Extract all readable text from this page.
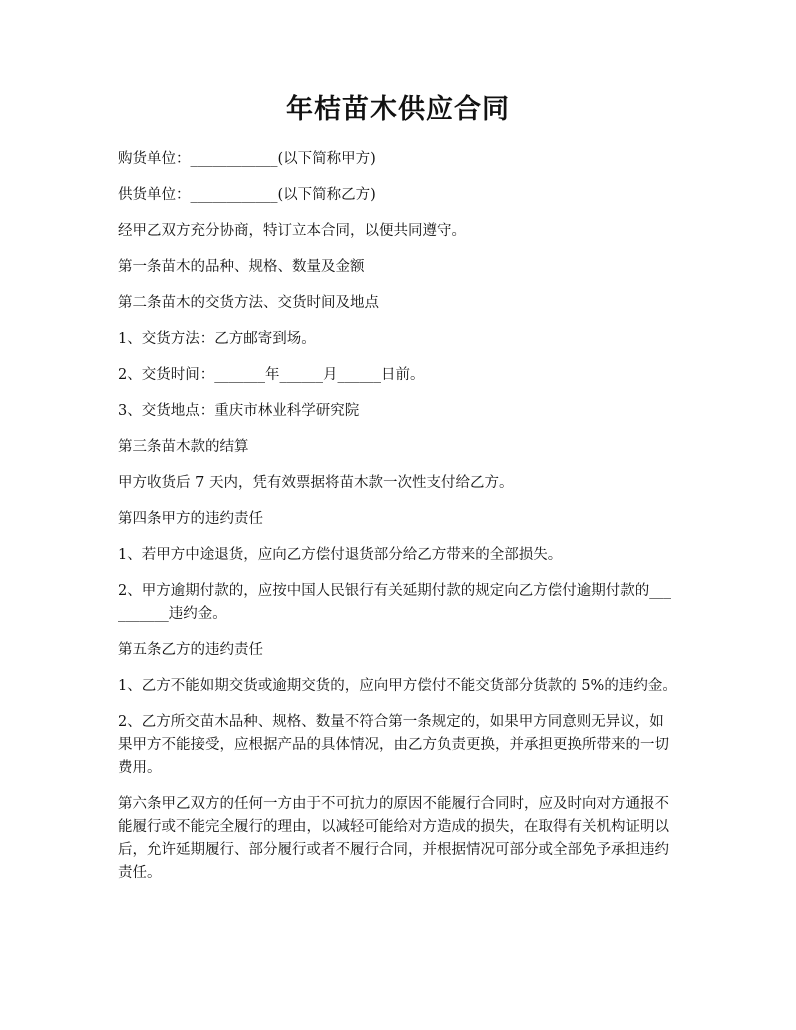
年桔苗木供应合同

购货单位：____________(以下简称甲方)

供货单位：____________(以下简称乙方)

经甲乙双方充分协商，特订立本合同，以便共同遵守。

第一条苗木的品种、规格、数量及金额

第二条苗木的交货方法、交货时间及地点

1、交货方法：乙方邮寄到场。

2、交货时间：_______年______月______日前。

3、交货地点：重庆市林业科学研究院

第三条苗木款的结算

甲方收货后 7 天内，凭有效票据将苗木款一次性支付给乙方。

第四条甲方的违约责任

1、若甲方中途退货，应向乙方偿付退货部分给乙方带来的全部损失。

2、甲方逾期付款的，应按中国人民银行有关延期付款的规定向乙方偿付逾期付款的__________违约金。

第五条乙方的违约责任

1、乙方不能如期交货或逾期交货的，应向甲方偿付不能交货部分货款的 5%的违约金。

2、乙方所交苗木品种、规格、数量不符合第一条规定的，如果甲方同意则无异议，如果甲方不能接受，应根据产品的具体情况，由乙方负责更换，并承担更换所带来的一切费用。

第六条甲乙双方的任何一方由于不可抗力的原因不能履行合同时，应及时向对方通报不能履行或不能完全履行的理由，以减轻可能给对方造成的损失，在取得有关机构证明以后，允许延期履行、部分履行或者不履行合同，并根据情况可部分或全部免予承担违约责任。
